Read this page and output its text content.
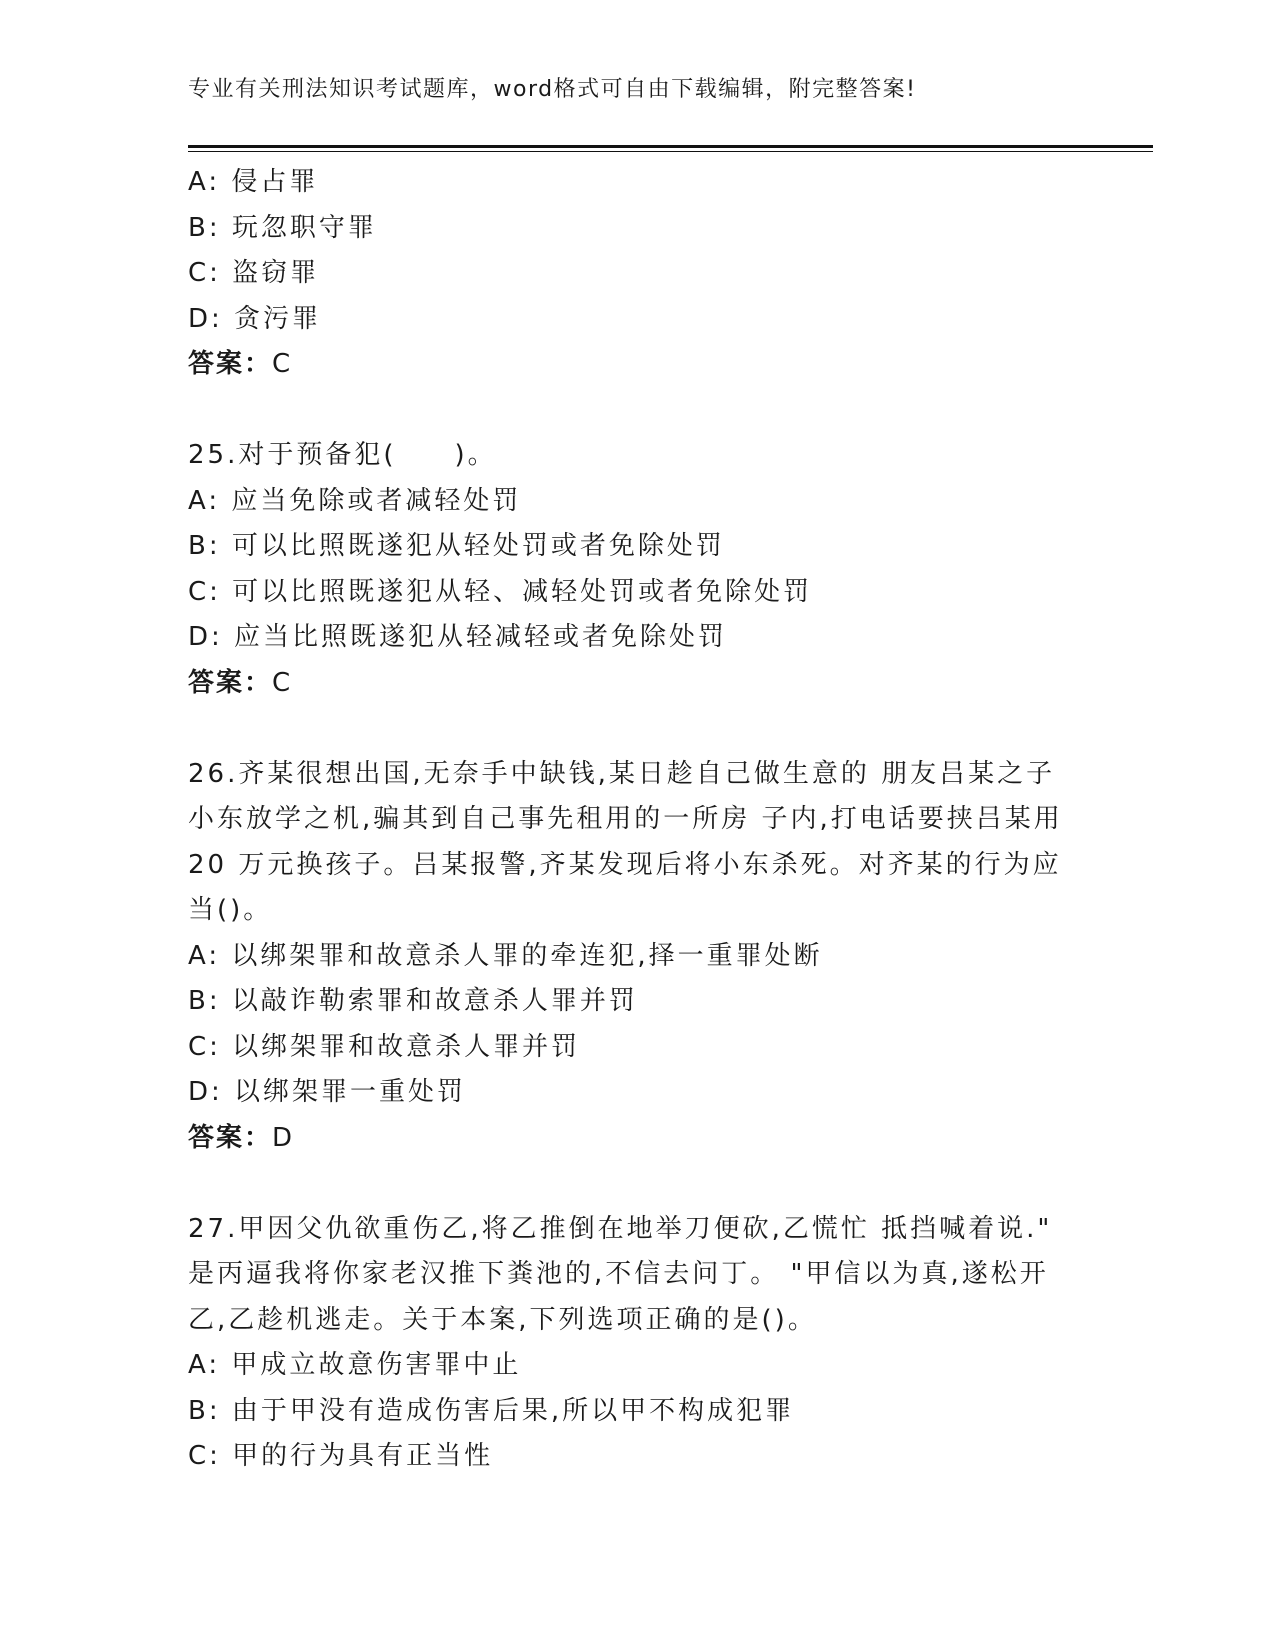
专业有关刑法知识考试题库，word格式可自由下载编辑，附完整答案!
A: 侵占罪
B: 玩忽职守罪
C: 盗窃罪
D: 贪污罪
答案：C
25.对于预备犯(　　)。
A: 应当免除或者减轻处罚
B: 可以比照既遂犯从轻处罚或者免除处罚
C: 可以比照既遂犯从轻、减轻处罚或者免除处罚
D: 应当比照既遂犯从轻减轻或者免除处罚
答案：C
26.齐某很想出国,无奈手中缺钱,某日趁自己做生意的 朋友吕某之子
小东放学之机,骗其到自己事先租用的一所房 子内,打电话要挟吕某用
20 万元换孩子。吕某报警,齐某发现后将小东杀死。对齐某的行为应
当()。
A: 以绑架罪和故意杀人罪的牵连犯,择一重罪处断
B: 以敲诈勒索罪和故意杀人罪并罚
C: 以绑架罪和故意杀人罪并罚
D: 以绑架罪一重处罚
答案：D
27.甲因父仇欲重伤乙,将乙推倒在地举刀便砍,乙慌忙 抵挡喊着说."
是丙逼我将你家老汉推下粪池的,不信去问丁。 "甲信以为真,遂松开
乙,乙趁机逃走。关于本案,下列选项正确的是()。
A: 甲成立故意伤害罪中止
B: 由于甲没有造成伤害后果,所以甲不构成犯罪
C: 甲的行为具有正当性
